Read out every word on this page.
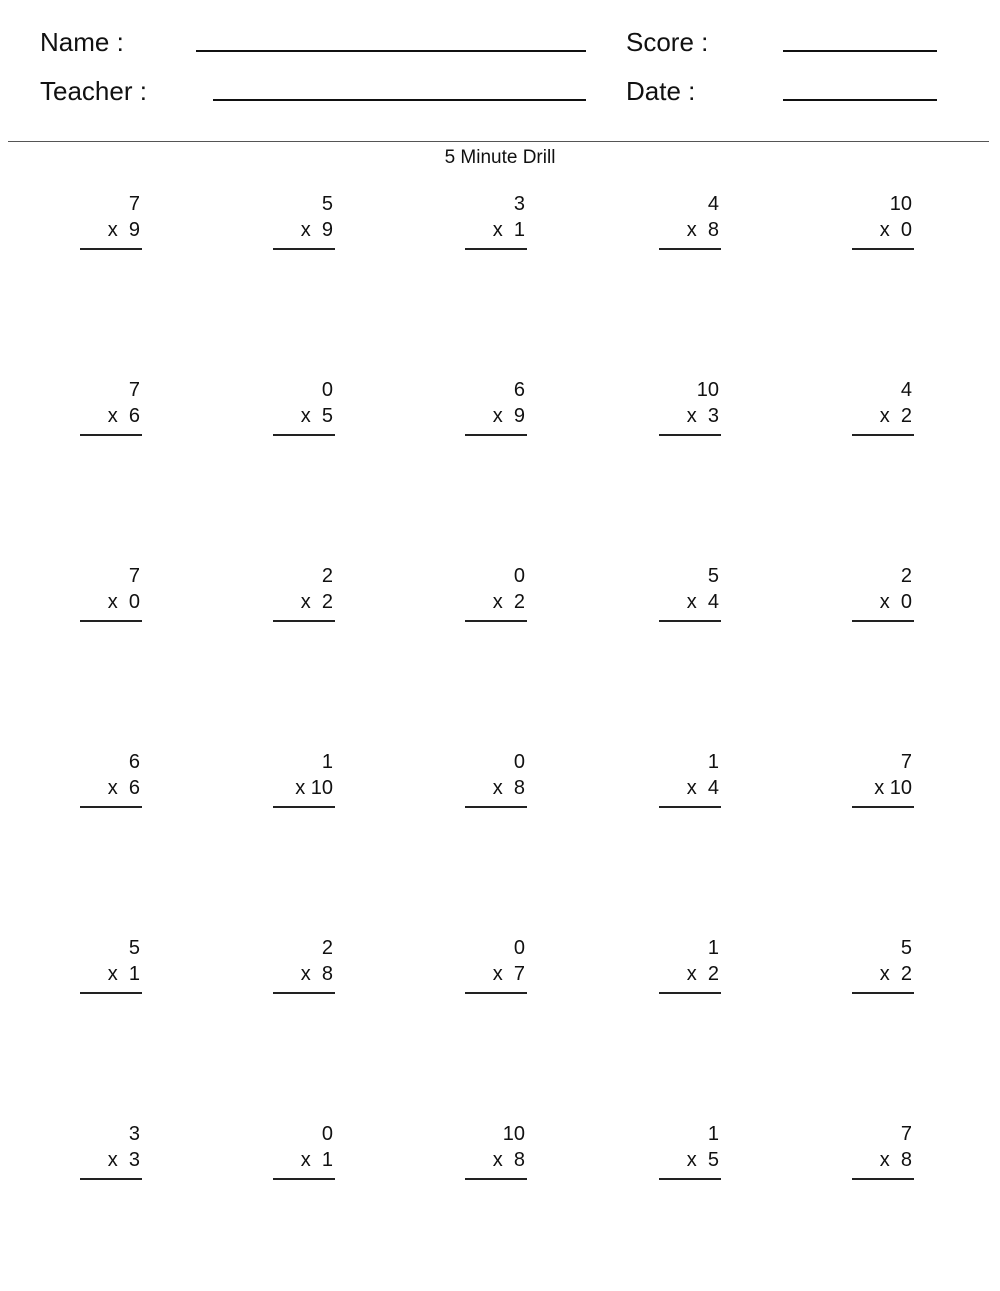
Name :
Teacher :
Score :
Date :
5 Minute Drill
7
x  9
5
x  9
3
x  1
4
x  8
10
x  0
7
x  6
0
x  5
6
x  9
10
x  3
4
x  2
7
x  0
2
x  2
0
x  2
5
x  4
2
x  0
6
x  6
1
x 10
0
x  8
1
x  4
7
x 10
5
x  1
2
x  8
0
x  7
1
x  2
5
x  2
3
x  3
0
x  1
10
x  8
1
x  5
7
x  8
